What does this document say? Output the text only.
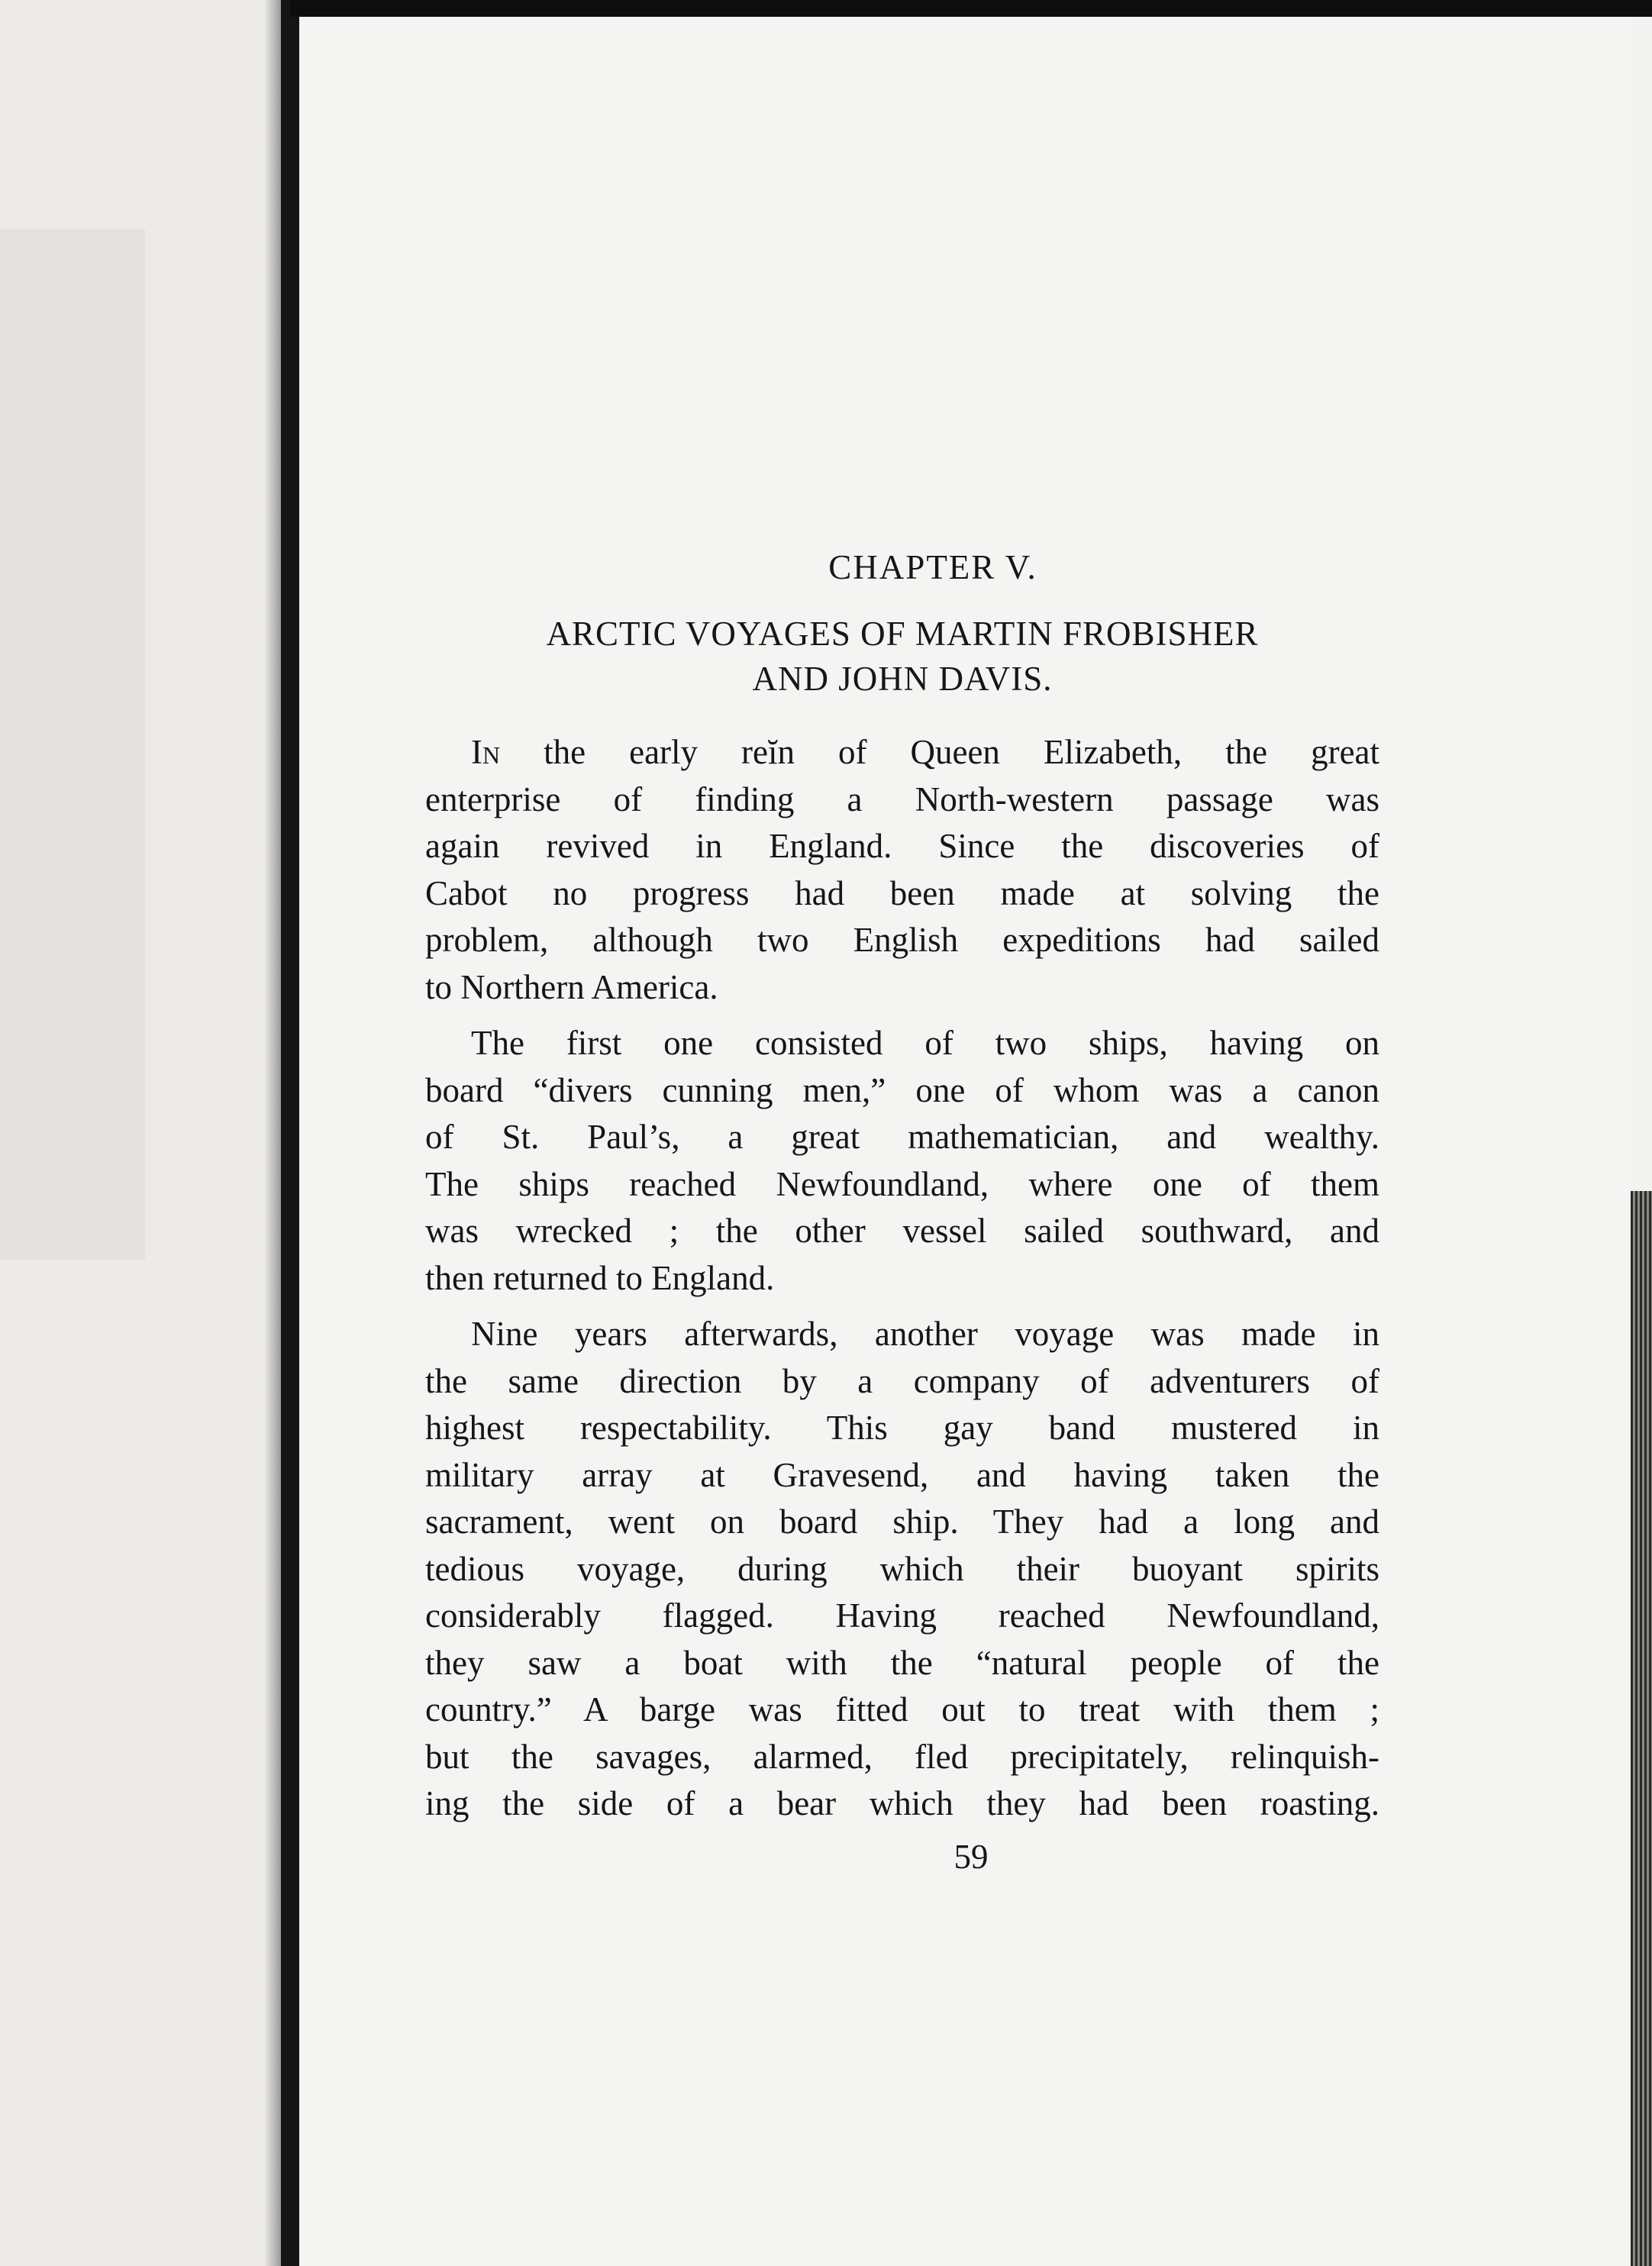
CHAPTER V.
ARCTIC VOYAGES OF MARTIN FROBISHER
AND JOHN DAVIS.
In the early reĭn of Queen Elizabeth, the great
enterprise of finding a North-western passage was
again revived in England. Since the discoveries of
Cabot no progress had been made at solving the
problem, although two English expeditions had sailed
to Northern America.
The first one consisted of two ships, having on
board “divers cunning men,” one of whom was a canon
of St. Paul’s, a great mathematician, and wealthy.
The ships reached Newfoundland, where one of them
was wrecked ; the other vessel sailed southward, and
then returned to England.
Nine years afterwards, another voyage was made in
the same direction by a company of adventurers of
highest respectability. This gay band mustered in
military array at Gravesend, and having taken the
sacrament, went on board ship. They had a long and
tedious voyage, during which their buoyant spirits
considerably flagged. Having reached Newfoundland,
they saw a boat with the “natural people of the
country.” A barge was fitted out to treat with them ;
but the savages, alarmed, fled precipitately, relinquish-
ing the side of a bear which they had been roasting.
59
